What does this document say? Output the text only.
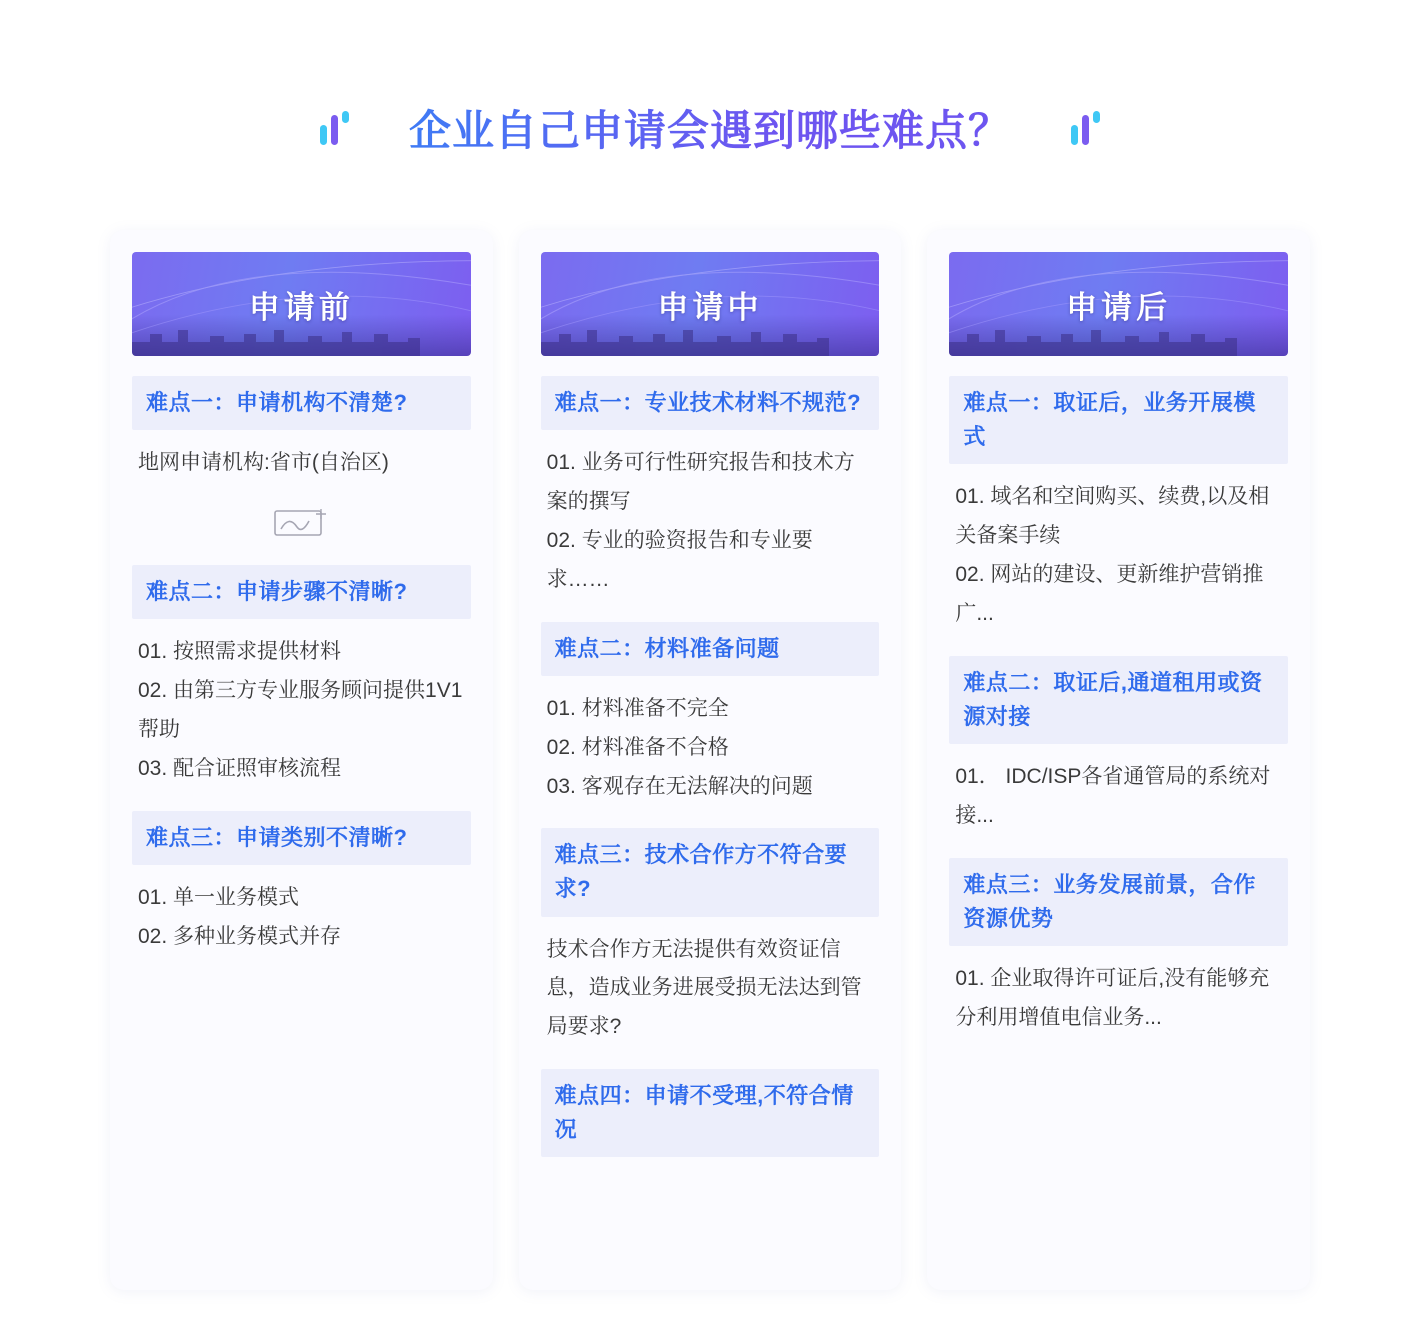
企业自己申请会遇到哪些难点？
申请前
难点一：申请机构不清楚?

地网申请机构:省市(自治区)

难点二：申请步骤不清晰?

01. 按照需求提供材料

02. 由第三方专业服务顾问提供1V1帮助

03. 配合证照审核流程

难点三：申请类别不清晰?

01. 单一业务模式

02. 多种业务模式并存

申请中
难点一：专业技术材料不规范?

01. 业务可行性研究报告和技术方案的撰写

02. 专业的验资报告和专业要求……

难点二：材料准备问题

01. 材料准备不完全

02. 材料准备不合格

03. 客观存在无法解决的问题

难点三：技术合作方不符合要求?

技术合作方无法提供有效资证信息，造成业务进展受损无法达到管局要求?

难点四：申请不受理,不符合情况
申请后
难点一：取证后，业务开展模式

01. 域名和空间购买、续费,以及相关备案手续

02. 网站的建设、更新维护营销推广...

难点二：取证后,通道租用或资源对接

01． IDC/ISP各省通管局的系统对接...

难点三：业务发展前景，合作资源优势

01. 企业取得许可证后,没有能够充分利用增值电信业务...
